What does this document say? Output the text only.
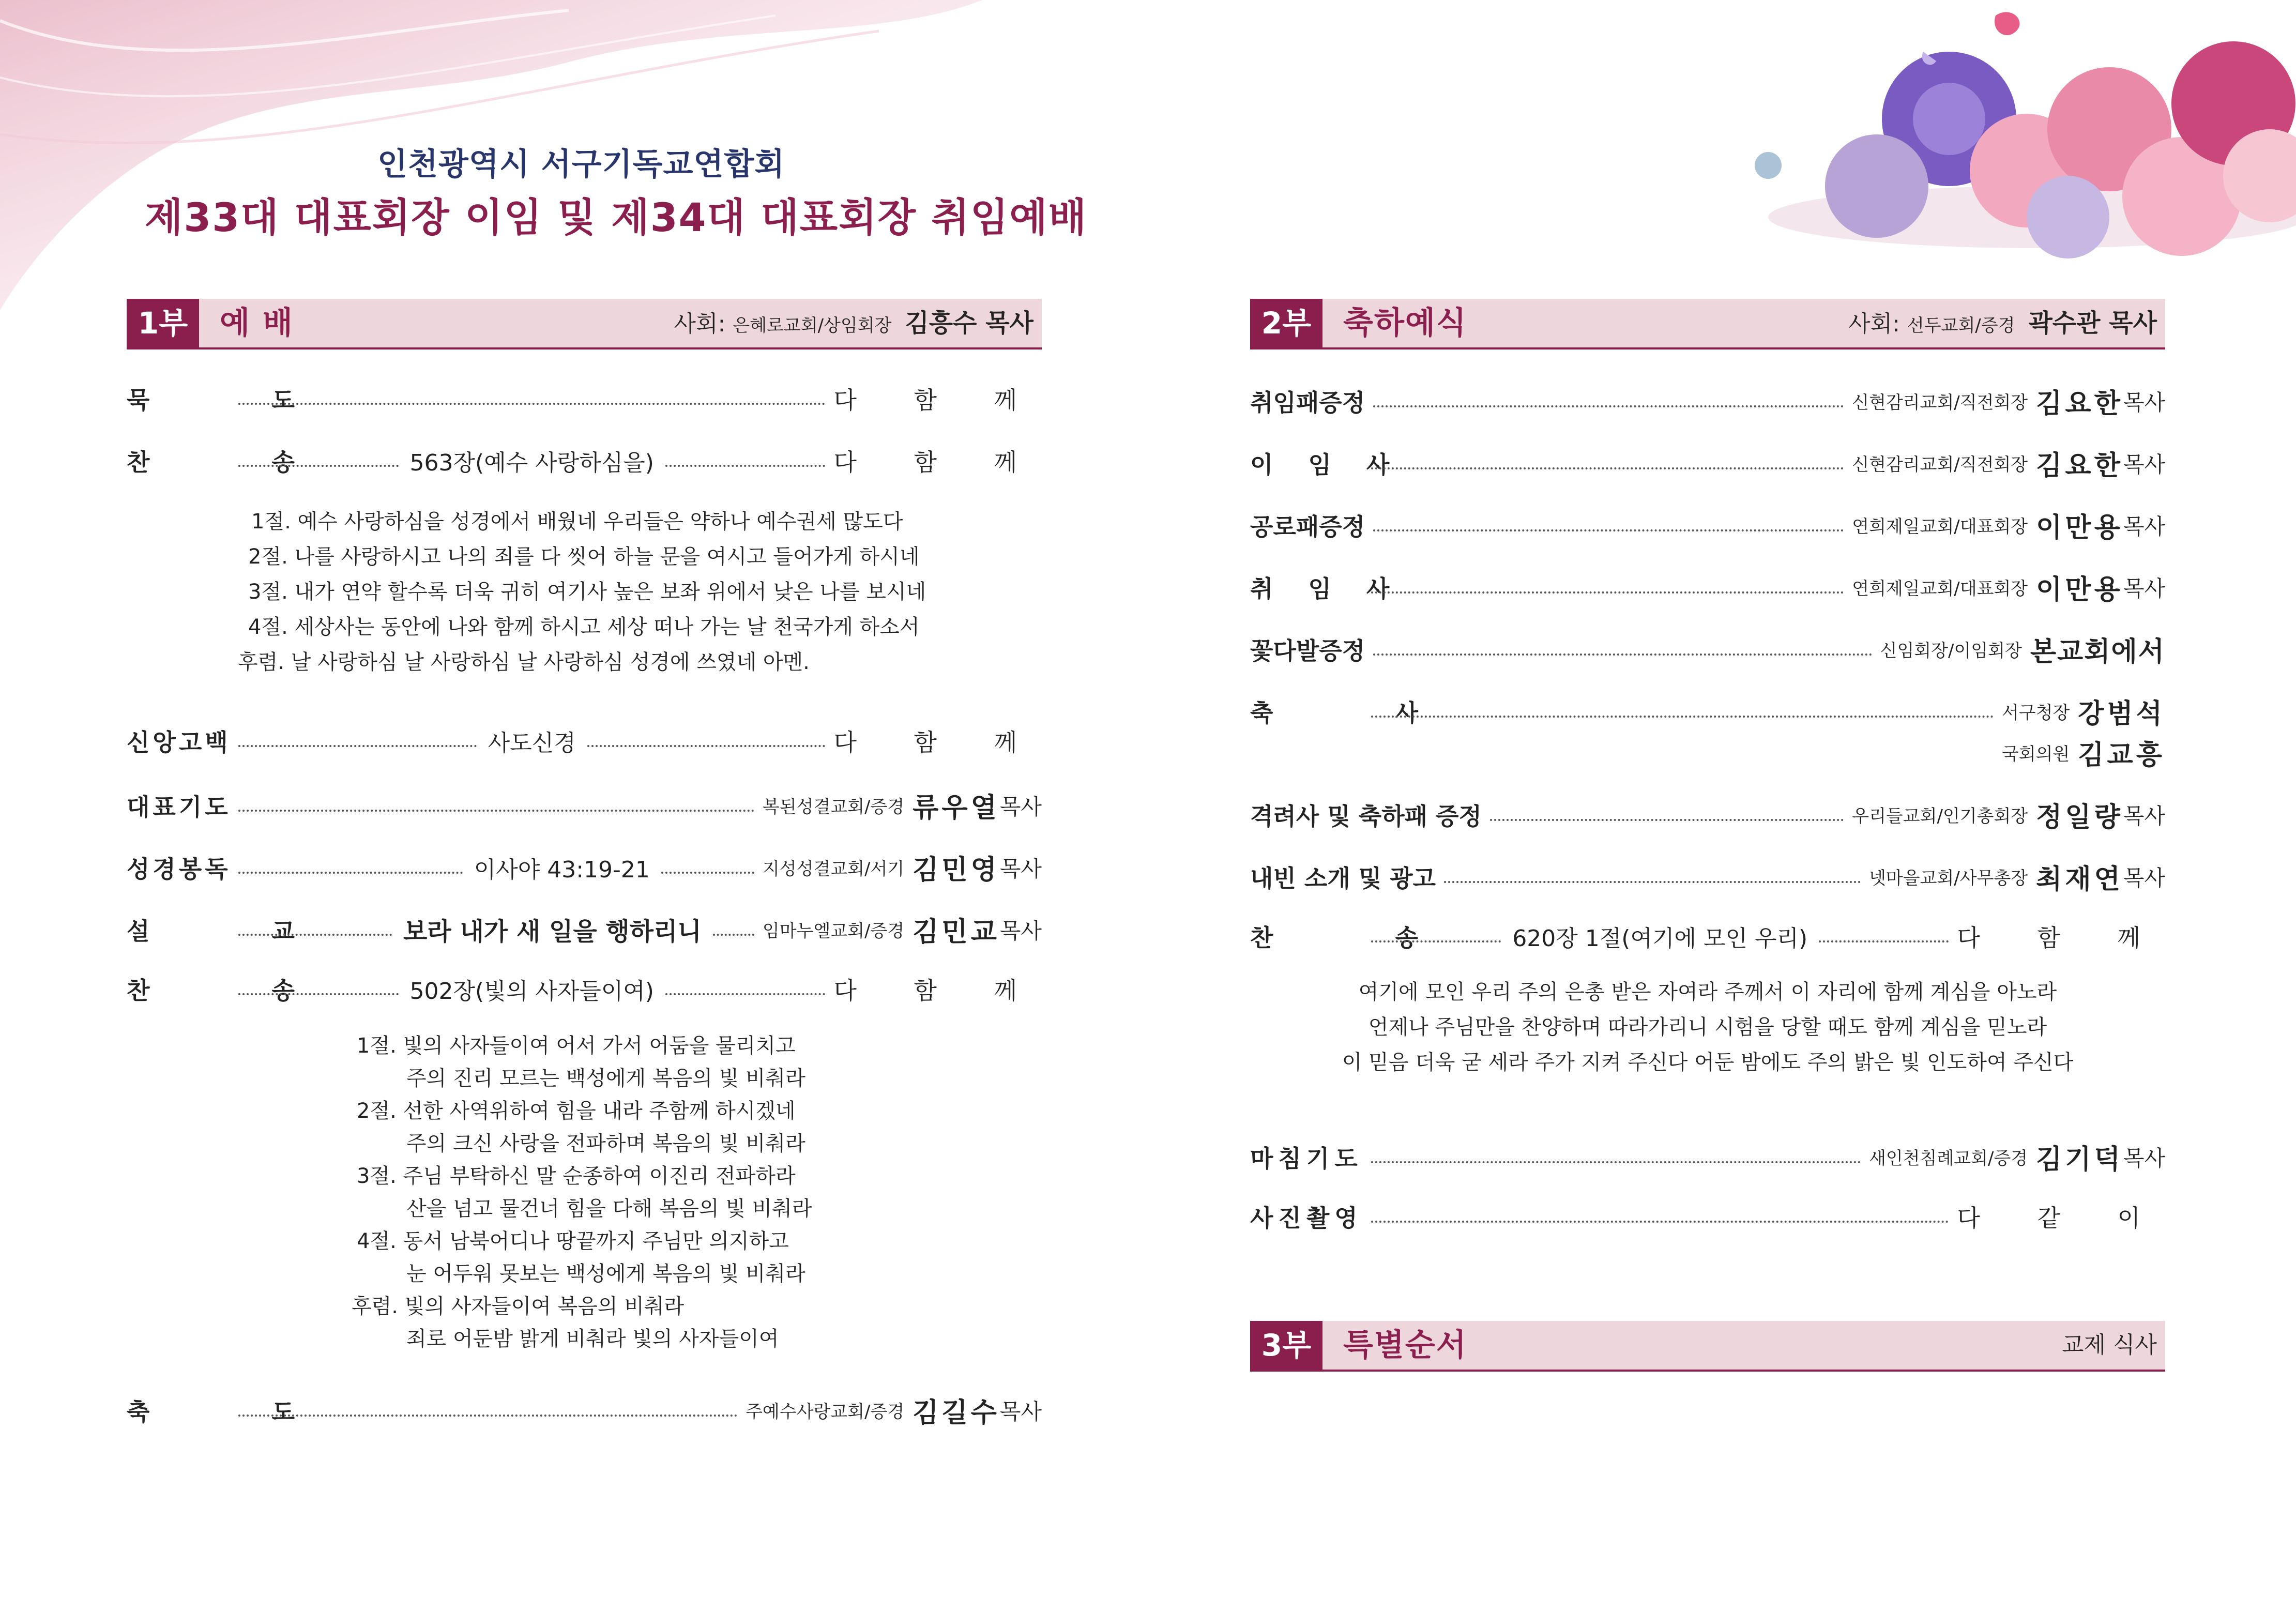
인천광역시 서구기독교연합회
제33대 대표회장 이임 및 제34대 대표회장 취임예배
1부	예 배	사회: 은혜로교회/상임회장 김흥수 목사
묵 도	다 함 께
찬 송	563장(예수 사랑하심을)	다 함 께
1절. 예수 사랑하심을 성경에서 배웠네 우리들은 약하나 예수권세 많도다
2절. 나를 사랑하시고 나의 죄를 다 씻어 하늘 문을 여시고 들어가게 하시네
3절. 내가 연약 할수록 더욱 귀히 여기사 높은 보좌 위에서 낮은 나를 보시네
4절. 세상사는 동안에 나와 함께 하시고 세상 떠나 가는 날 천국가게 하소서
후렴. 날 사랑하심 날 사랑하심 날 사랑하심 성경에 쓰였네 아멘.
신앙고백	사도신경	다 함 께
대표기도	복된성결교회/증경 류우열 목사
성경봉독	이사야 43:19-21	지성성결교회/서기 김민영 목사
설 교 보라 내가 새 일을 행하리니	임마누엘교회/증경 김민교 목사
찬 송	502장(빛의 사자들이여)	다 함 께
1절. 빛의 사자들이여 어서 가서 어둠을 물리치고
주의 진리 모르는 백성에게 복음의 빛 비춰라
2절. 선한 사역위하여 힘을 내라 주함께 하시겠네
주의 크신 사랑을 전파하며 복음의 빛 비춰라
3절. 주님 부탁하신 말 순종하여 이진리 전파하라
산을 넘고 물건너 힘을 다해 복음의 빛 비춰라
4절. 동서 남북어디나 땅끝까지 주님만 의지하고
눈 어두워 못보는 백성에게 복음의 빛 비춰라
후렴. 빛의 사자들이여 복음의 비춰라
죄로 어둔밤 밝게 비춰라 빛의 사자들이여
축 도	주예수사랑교회/증경 김길수 목사
2부	축하예식	사회: 선두교회/증경 곽수관 목사
취임패증정	신현감리교회/직전회장 김요한 목사
이 임 사	신현감리교회/직전회장 김요한 목사
공로패증정	연희제일교회/대표회장 이만용 목사
취 임 사	연희제일교회/대표회장 이만용 목사
꽃다발증정	신임회장/이임회장 본교회에서
축 사	서구청장 강범석
국회의원 김교흥
격려사 및 축하패 증정	우리들교회/인기총회장 정일량 목사
내빈 소개 및 광고	넷마을교회/사무총장 최재연 목사
찬 송 620장 1절(여기에 모인 우리)	다 함 께
여기에 모인 우리 주의 은총 받은 자여라 주께서 이 자리에 함께 계심을 아노라
언제나 주님만을 찬양하며 따라가리니 시험을 당할 때도 함께 계심을 믿노라
이 믿음 더욱 굳 세라 주가 지켜 주신다 어둔 밤에도 주의 밝은 빛 인도하여 주신다
마침기도	새인천침례교회/증경 김기덕 목사
사진촬영	다 같 이
3부	특별순서	교제 식사
